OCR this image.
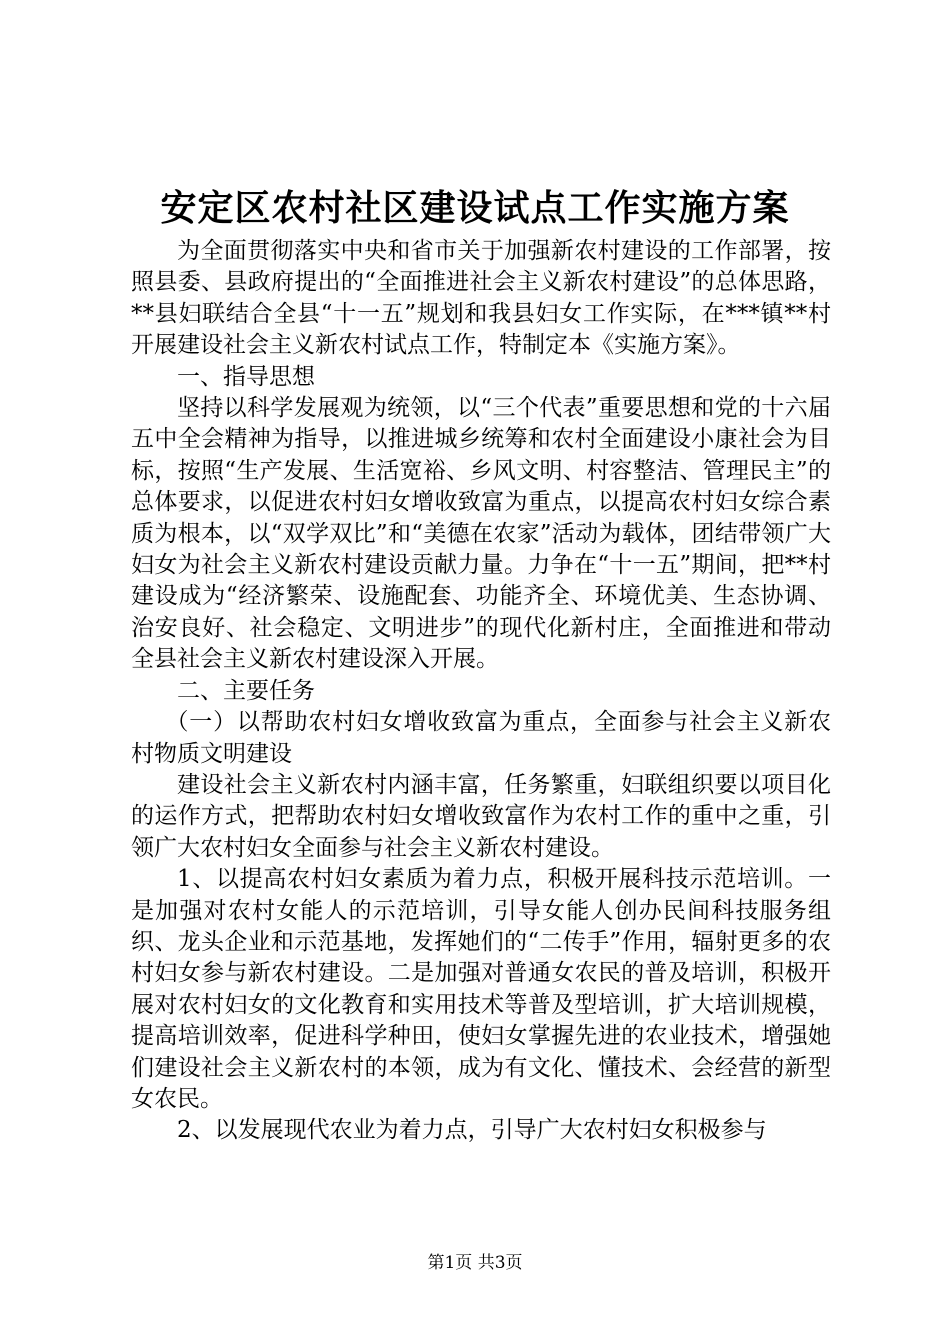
安定区农村社区建设试点工作实施方案

为全面贯彻落实中央和省市关于加强新农村建设的工作部署，按照县委、县政府提出的“全面推进社会主义新农村建设”的总体思路，**县妇联结合全县“十一五”规划和我县妇女工作实际，在***镇**村开展建设社会主义新农村试点工作，特制定本《实施方案》。

一、指导思想

坚持以科学发展观为统领，以“三个代表”重要思想和党的十六届五中全会精神为指导，以推进城乡统筹和农村全面建设小康社会为目标，按照“生产发展、生活宽裕、乡风文明、村容整洁、管理民主”的总体要求，以促进农村妇女增收致富为重点，以提高农村妇女综合素质为根本，以“双学双比”和“美德在农家”活动为载体，团结带领广大妇女为社会主义新农村建设贡献力量。力争在“十一五”期间，把**村建设成为“经济繁荣、设施配套、功能齐全、环境优美、生态协调、治安良好、社会稳定、文明进步”的现代化新村庄，全面推进和带动全县社会主义新农村建设深入开展。

二、主要任务

（一）以帮助农村妇女增收致富为重点，全面参与社会主义新农村物质文明建设

建设社会主义新农村内涵丰富，任务繁重，妇联组织要以项目化的运作方式，把帮助农村妇女增收致富作为农村工作的重中之重，引领广大农村妇女全面参与社会主义新农村建设。

1、以提高农村妇女素质为着力点，积极开展科技示范培训。一是加强对农村女能人的示范培训，引导女能人创办民间科技服务组织、龙头企业和示范基地，发挥她们的“二传手”作用，辐射更多的农村妇女参与新农村建设。二是加强对普通女农民的普及培训，积极开展对农村妇女的文化教育和实用技术等普及型培训，扩大培训规模，提高培训效率，促进科学种田，使妇女掌握先进的农业技术，增强她们建设社会主义新农村的本领，成为有文化、懂技术、会经营的新型女农民。

2、以发展现代农业为着力点，引导广大农村妇女积极参与

第1页 共3页
